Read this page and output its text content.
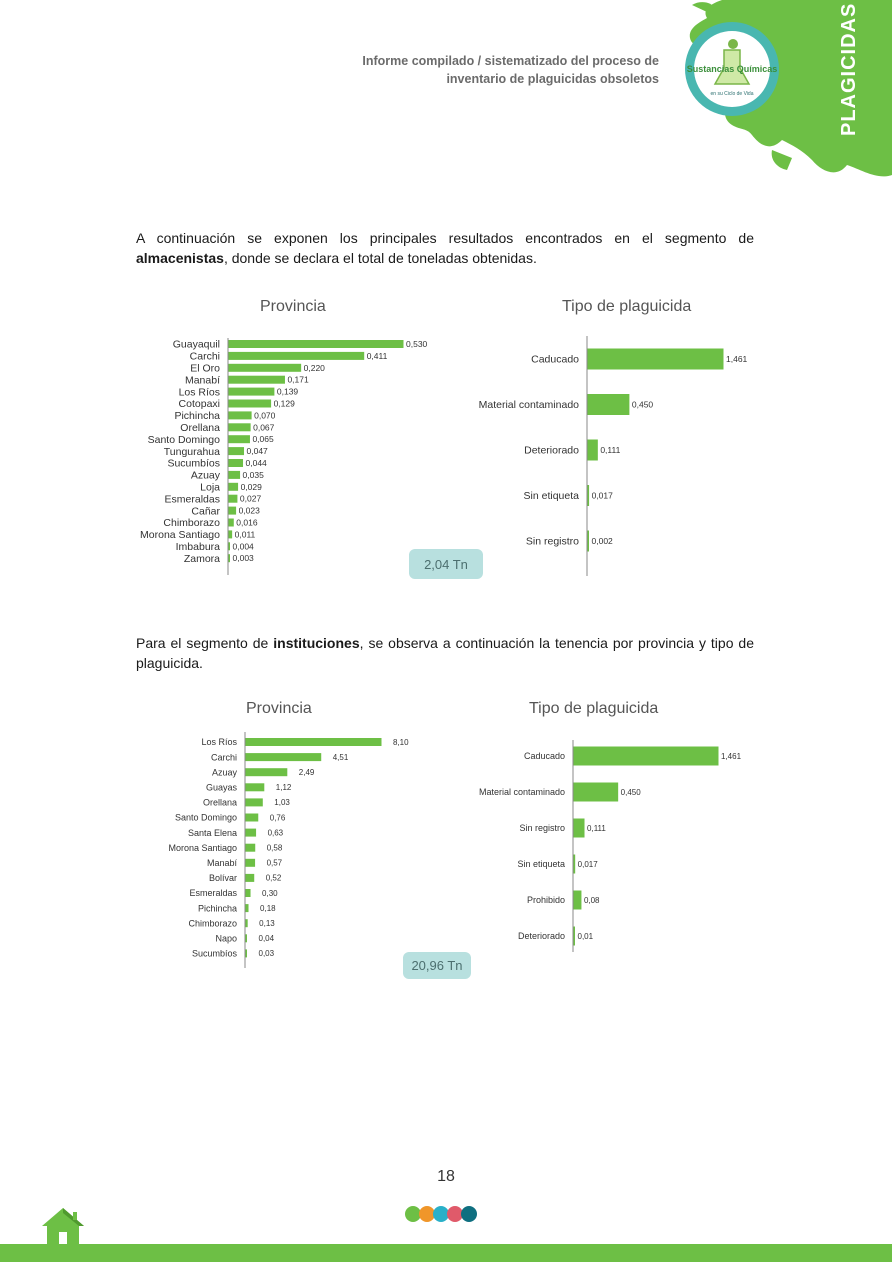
PLAGICIDAS
Sustancias Químicas
en su Ciclo de Vida
Informe compilado / sistematizado del proceso de
inventario de plaguicidas obsoletos

A continuación se exponen los principales resultados encontrados en el segmento de almacenistas, donde se declara el total de toneladas obtenidas.

Para el segmento de instituciones, se observa a continuación la tenencia por provincia y tipo de plaguicida.

Provincia	Tipo de plaguicida
Provincia	Tipo de plaguicida
Guayaquil	0,530
Carchi	0,411
El Oro	0,220
Manabí	0,171
Los Ríos	0,139
Cotopaxi	0,129
Pichincha	0,070
Orellana	0,067
Santo Domingo	0,065
Tungurahua	0,047
Sucumbíos	0,044
Azuay	0,035
Loja 0,029
Esmeraldas 0,027
Cañar 0,023
Chimborazo 0,016
Morona Santiago 0,011
Imbabura 0,004
Zamora 0,003
Caducado	1,461
Material contaminado	0,450
Deteriorado	0,111
Sin etiqueta 0,017
Sin registro 0,002
Los Ríos	8,10
Carchi	4,51
Azuay	2,49
Guayas	1,12
Orellana	1,03
Santo Domingo	0,76
Santa Elena	0,63
Morona Santiago	0,58
Manabí	0,57
Bolívar	0,52
Esmeraldas	0,30
Pichincha	0,18
Chimborazo	0,13
Napo	0,04
Sucumbíos	0,03
Caducado	1,461
Material contaminado	0,450
Sin registro	0,111
Sin etiqueta 0,017
Prohibido 0,08
Deteriorado 0,01
2,04 Tn
20,96 Tn
18
